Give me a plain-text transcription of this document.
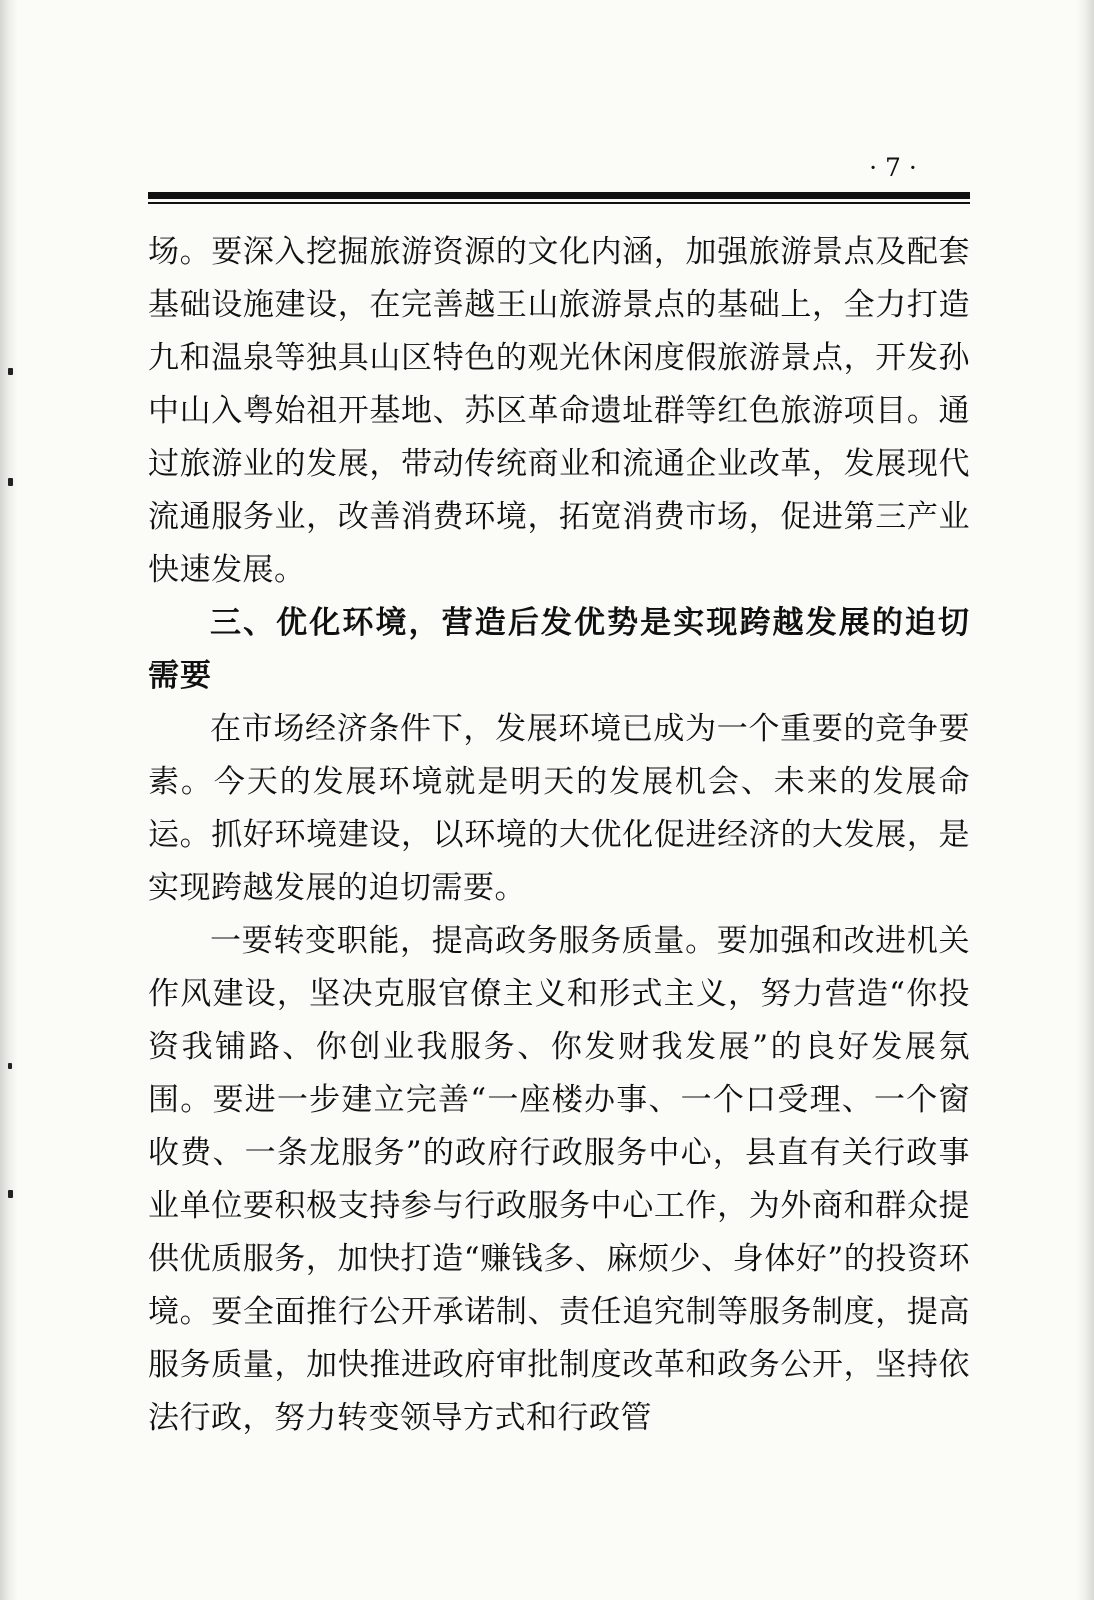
· 7 ·

场。要深入挖掘旅游资源的文化内涵，加强旅游景点及配套基础设施建设，在完善越王山旅游景点的基础上，全力打造九和温泉等独具山区特色的观光休闲度假旅游景点，开发孙中山入粤始祖开基地、苏区革命遗址群等红色旅游项目。通过旅游业的发展，带动传统商业和流通企业改革，发展现代流通服务业，改善消费环境，拓宽消费市场，促进第三产业快速发展。

三、优化环境，营造后发优势是实现跨越发展的迫切需要

在市场经济条件下，发展环境已成为一个重要的竞争要素。今天的发展环境就是明天的发展机会、未来的发展命运。抓好环境建设，以环境的大优化促进经济的大发展，是实现跨越发展的迫切需要。

一要转变职能，提高政务服务质量。要加强和改进机关作风建设，坚决克服官僚主义和形式主义，努力营造“你投资我铺路、你创业我服务、你发财我发展”的良好发展氛围。要进一步建立完善“一座楼办事、一个口受理、一个窗收费、一条龙服务”的政府行政服务中心，县直有关行政事业单位要积极支持参与行政服务中心工作，为外商和群众提供优质服务，加快打造“赚钱多、麻烦少、身体好”的投资环境。要全面推行公开承诺制、责任追究制等服务制度，提高服务质量，加快推进政府审批制度改革和政务公开，坚持依法行政，努力转变领导方式和行政管
